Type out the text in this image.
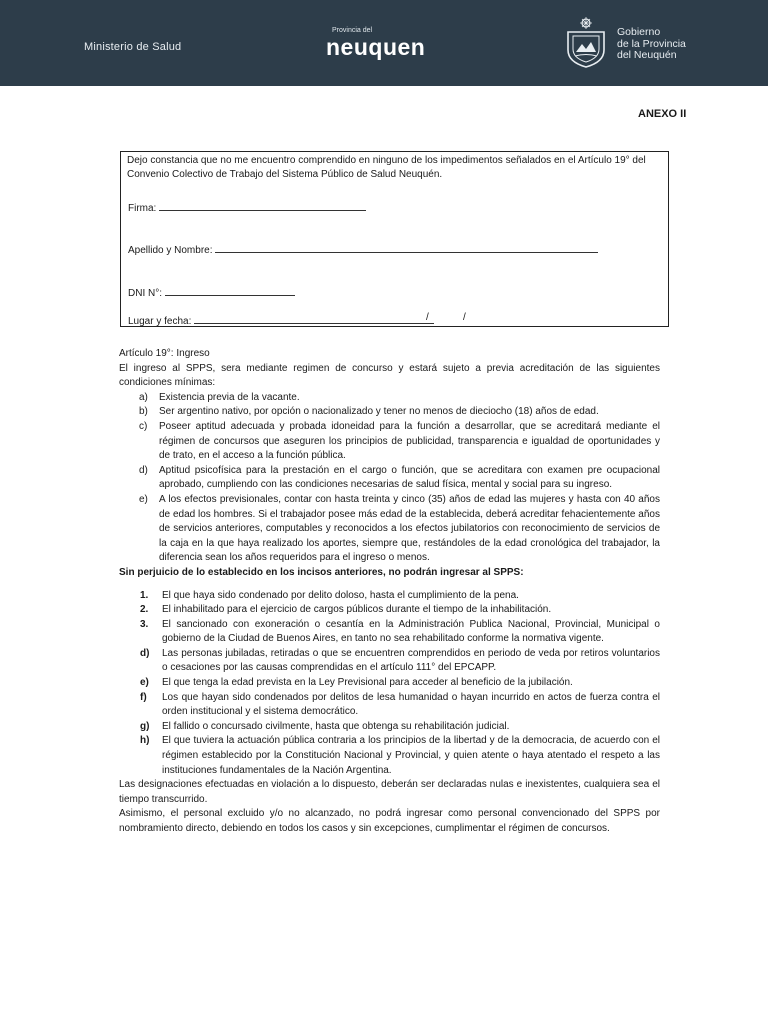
Ministerio de Salud
Provincia del
neuquen
Gobierno
de la Provincia
del Neuquén
ANEXO II
Dejo constancia que no me encuentro comprendido en ninguno de los impedimentos señalados en el Artículo 19° del Convenio Colectivo de Trabajo del Sistema Público de Salud Neuquén.
Firma:
Apellido y Nombre:
DNI N°:
Lugar y fecha:	/	/

Artículo 19°: Ingreso

El ingreso al SPPS, sera mediante regimen de concurso y estará sujeto a previa acreditación de las siguientes condiciones mínimas:

a) Existencia previa de la vacante.
b) Ser argentino nativo, por opción o nacionalizado y tener no menos de dieciocho (18) años de edad.
c) Poseer aptitud adecuada y probada idoneidad para la función a desarrollar, que se acreditará mediante el régimen de concursos que aseguren los principios de publicidad, transparencia e igualdad de oportunidades y de trato, en el acceso a la función pública.
d) Aptitud psicofísica para la prestación en el cargo o función, que se acreditara con examen pre ocupacional aprobado, cumpliendo con las condiciones necesarias de salud física, mental y social para su ingreso.
e) A los efectos previsionales, contar con hasta treinta y cinco (35) años de edad las mujeres y hasta con 40 años de edad los hombres. Si el trabajador posee más edad de la establecida, deberá acreditar fehacientemente años de servicios anteriores, computables y reconocidos a los efectos jubilatorios con reconocimiento de servicios de la caja en la que haya realizado los aportes, siempre que, restándoles de la edad cronológica del trabajador, la diferencia sean los años requeridos para el ingreso o menos.

Sin perjuicio de lo establecido en los incisos anteriores, no podrán ingresar al SPPS:

1. El que haya sido condenado por delito doloso, hasta el cumplimiento de la pena.
2. El inhabilitado para el ejercicio de cargos públicos durante el tiempo de la inhabilitación.
3. El sancionado con exoneración o cesantía en la Administración Publica Nacional, Provincial, Municipal o gobierno de la Ciudad de Buenos Aires, en tanto no sea rehabilitado conforme la normativa vigente.
d) Las personas jubiladas, retiradas o que se encuentren comprendidos en periodo de veda por retiros voluntarios o cesaciones por las causas comprendidas en el artículo 111° del EPCAPP.
e) El que tenga la edad prevista en la Ley Previsional para acceder al beneficio de la jubilación.
f) Los que hayan sido condenados por delitos de lesa humanidad o hayan incurrido en actos de fuerza contra el orden institucional y el sistema democrático.
g) El fallido o concursado civilmente, hasta que obtenga su rehabilitación judicial.
h) El que tuviera la actuación pública contraria a los principios de la libertad y de la democracia, de acuerdo con el régimen establecido por la Constitución Nacional y Provincial, y quien atente o haya atentado el respeto a las instituciones fundamentales de la Nación Argentina.

Las designaciones efectuadas en violación a lo dispuesto, deberán ser declaradas nulas e inexistentes, cualquiera sea el tiempo transcurrido.

Asimismo, el personal excluido y/o no alcanzado, no podrá ingresar como personal convencionado del SPPS por nombramiento directo, debiendo en todos los casos y sin excepciones, cumplimentar el régimen de concursos.
